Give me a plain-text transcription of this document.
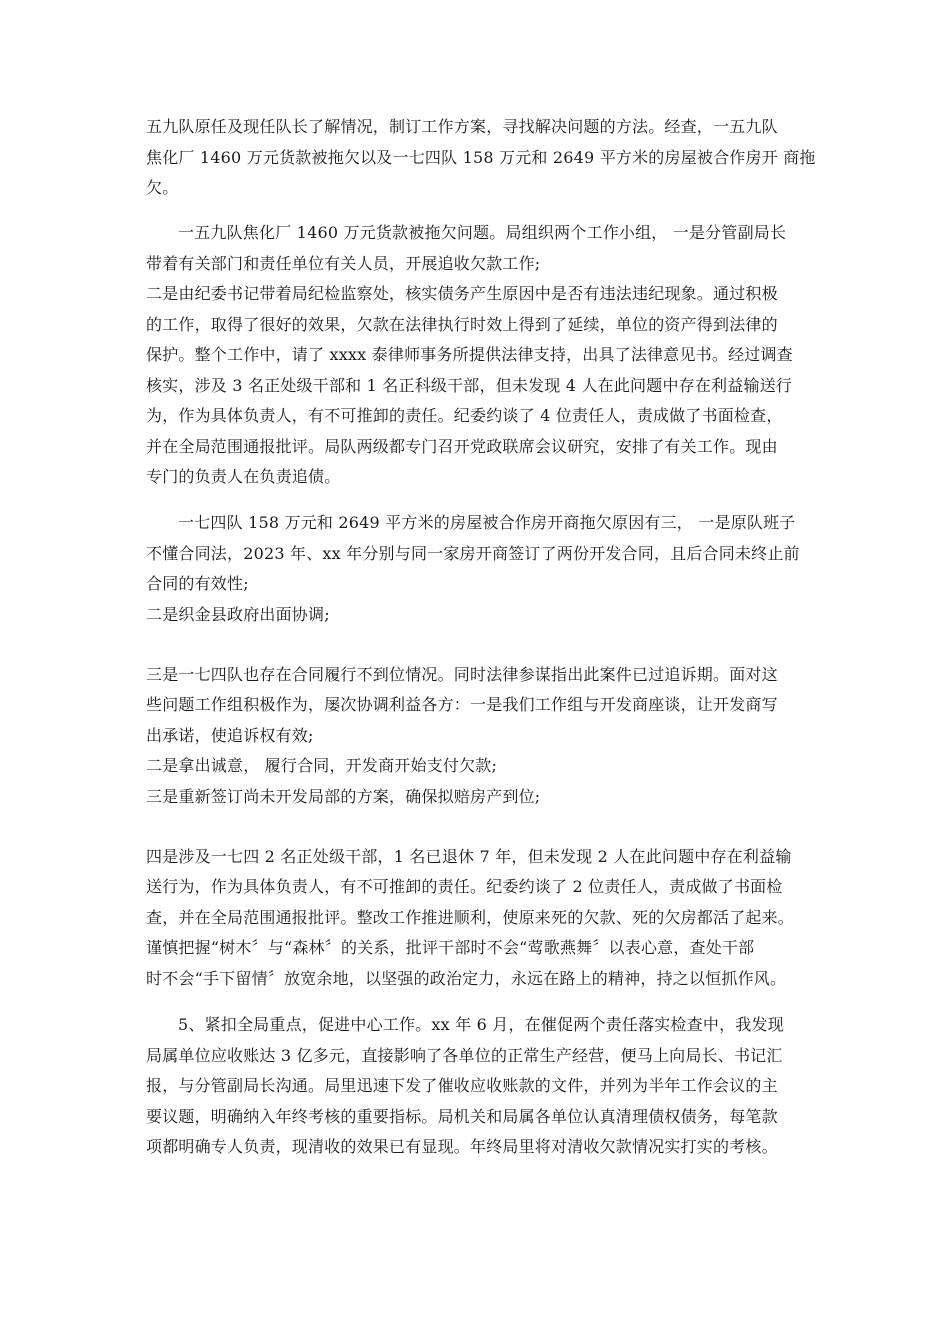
五九队原任及现任队长了解情况，制订工作方案，寻找解决问题的方法。经查，一五九队
焦化厂 1460 万元货款被拖欠以及一七四队 158 万元和 2649 平方米的房屋被合作房开 商拖
欠。
一五九队焦化厂 1460 万元货款被拖欠问题。局组织两个工作小组， 一是分管副局长
带着有关部门和责任单位有关人员，开展追收欠款工作;
二是由纪委书记带着局纪检监察处，核实债务产生原因中是否有违法违纪现象。通过积极
的工作，取得了很好的效果，欠款在法律执行时效上得到了延续，单位的资产得到法律的
保护。整个工作中，请了 xxxx 泰律师事务所提供法律支持，出具了法律意见书。经过调查
核实，涉及 3 名正处级干部和 1 名正科级干部，但未发现 4 人在此问题中存在利益输送行
为，作为具体负责人，有不可推卸的责任。纪委约谈了 4 位责任人，责成做了书面检查，
并在全局范围通报批评。局队两级都专门召开党政联席会议研究，安排了有关工作。现由
专门的负责人在负责追债。
一七四队 158 万元和 2649 平方米的房屋被合作房开商拖欠原因有三， 一是原队班子
不懂合同法，2023 年、xx 年分别与同一家房开商签订了两份开发合同，且后合同未终止前
合同的有效性;
二是织金县政府出面协调;
三是一七四队也存在合同履行不到位情况。同时法律参谋指出此案件已过追诉期。面对这
些问题工作组积极作为，屡次协调利益各方：一是我们工作组与开发商座谈，让开发商写
出承诺，使追诉权有效;
二是拿出诚意， 履行合同，开发商开始支付欠款;
三是重新签订尚未开发局部的方案，确保拟赔房产到位;
四是涉及一七四 2 名正处级干部，1 名已退休 7 年，但未发现 2 人在此问题中存在利益输
送行为，作为具体负责人，有不可推卸的责任。纪委约谈了 2 位责任人，责成做了书面检
查，并在全局范围通报批评。整改工作推进顺利，使原来死的欠款、死的欠房都活了起来。
谨慎把握“树木〞与“森林〞的关系，批评干部时不会“莺歌燕舞〞以表心意，查处干部
时不会“手下留情〞放宽余地，以坚强的政治定力，永远在路上的精神，持之以恒抓作风。
5、紧扣全局重点，促进中心工作。xx 年 6 月，在催促两个责任落实检查中，我发现
局属单位应收账达 3 亿多元，直接影响了各单位的正常生产经营，便马上向局长、书记汇
报，与分管副局长沟通。局里迅速下发了催收应收账款的文件，并列为半年工作会议的主
要议题，明确纳入年终考核的重要指标。局机关和局属各单位认真清理债权债务，每笔款
项都明确专人负责，现清收的效果已有显现。年终局里将对清收欠款情况实打实的考核。
